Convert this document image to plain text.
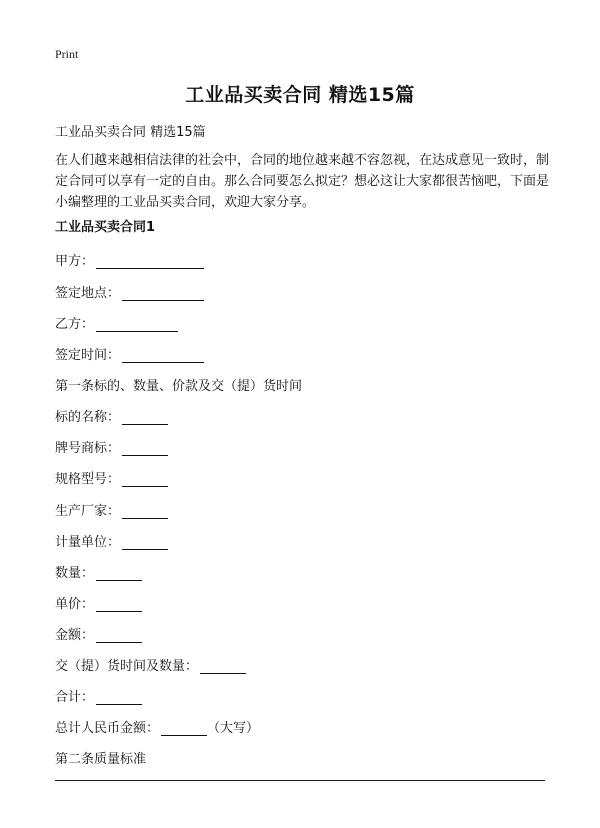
Print
工业品买卖合同 精选15篇
工业品买卖合同 精选15篇
在人们越来越相信法律的社会中，合同的地位越来越不容忽视，在达成意见一致时，制定合同可以享有一定的自由。那么合同要怎么拟定？想必这让大家都很苦恼吧，下面是小编整理的工业品买卖合同，欢迎大家分享。
工业品买卖合同1
甲方：
签定地点：
乙方：
签定时间：
第一条标的、数量、价款及交（提）货时间
标的名称：
牌号商标：
规格型号：
生产厂家：
计量单位：
数量：
单价：
金额：
交（提）货时间及数量：
合计：
总计人民币金额：	（大写）
第二条质量标准
